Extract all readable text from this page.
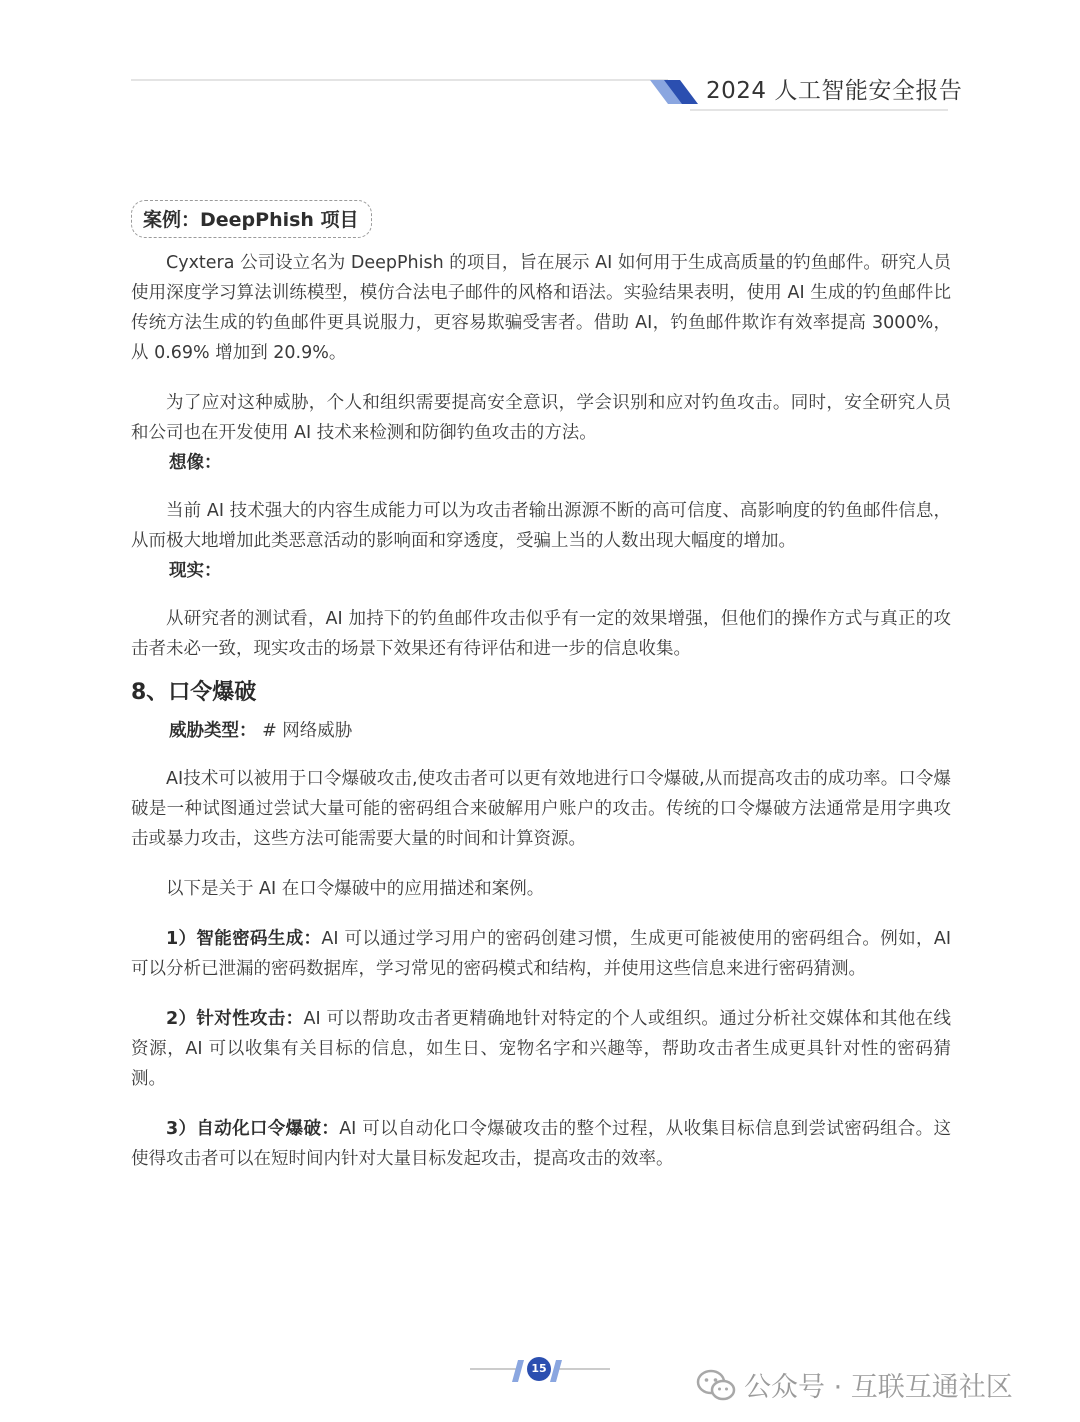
2024 人工智能安全报告
案例：DeepPhish 项目

Cyxtera 公司设立名为 DeepPhish 的项目，旨在展示 AI 如何用于生成高质量的钓鱼邮件。研究人员使用深度学习算法训练模型，模仿合法电子邮件的风格和语法。实验结果表明，使用 AI 生成的钓鱼邮件比传统方法生成的钓鱼邮件更具说服力，更容易欺骗受害者。借助 AI，钓鱼邮件欺诈有效率提高 3000%，从 0.69% 增加到 20.9%。

为了应对这种威胁，个人和组织需要提高安全意识，学会识别和应对钓鱼攻击。同时，安全研究人员和公司也在开发使用 AI 技术来检测和防御钓鱼攻击的方法。

想像：

当前 AI 技术强大的内容生成能力可以为攻击者输出源源不断的高可信度、高影响度的钓鱼邮件信息，从而极大地增加此类恶意活动的影响面和穿透度，受骗上当的人数出现大幅度的增加。

现实：

从研究者的测试看，AI 加持下的钓鱼邮件攻击似乎有一定的效果增强，但他们的操作方式与真正的攻击者未必一致，现实攻击的场景下效果还有待评估和进一步的信息收集。

8、口令爆破
威胁类型： # 网络威胁

AI技术可以被用于口令爆破攻击,使攻击者可以更有效地进行口令爆破,从而提高攻击的成功率。口令爆破是一种试图通过尝试大量可能的密码组合来破解用户账户的攻击。传统的口令爆破方法通常是用字典攻击或暴力攻击，这些方法可能需要大量的时间和计算资源。

以下是关于 AI 在口令爆破中的应用描述和案例。

1）智能密码生成：AI 可以通过学习用户的密码创建习惯，生成更可能被使用的密码组合。例如，AI 可以分析已泄漏的密码数据库，学习常见的密码模式和结构，并使用这些信息来进行密码猜测。

2）针对性攻击：AI 可以帮助攻击者更精确地针对特定的个人或组织。通过分析社交媒体和其他在线资源，AI 可以收集有关目标的信息，如生日、宠物名字和兴趣等，帮助攻击者生成更具针对性的密码猜测。

3）自动化口令爆破：AI 可以自动化口令爆破攻击的整个过程，从收集目标信息到尝试密码组合。这使得攻击者可以在短时间内针对大量目标发起攻击，提高攻击的效率。

15
公众号 · 互联互通社区
